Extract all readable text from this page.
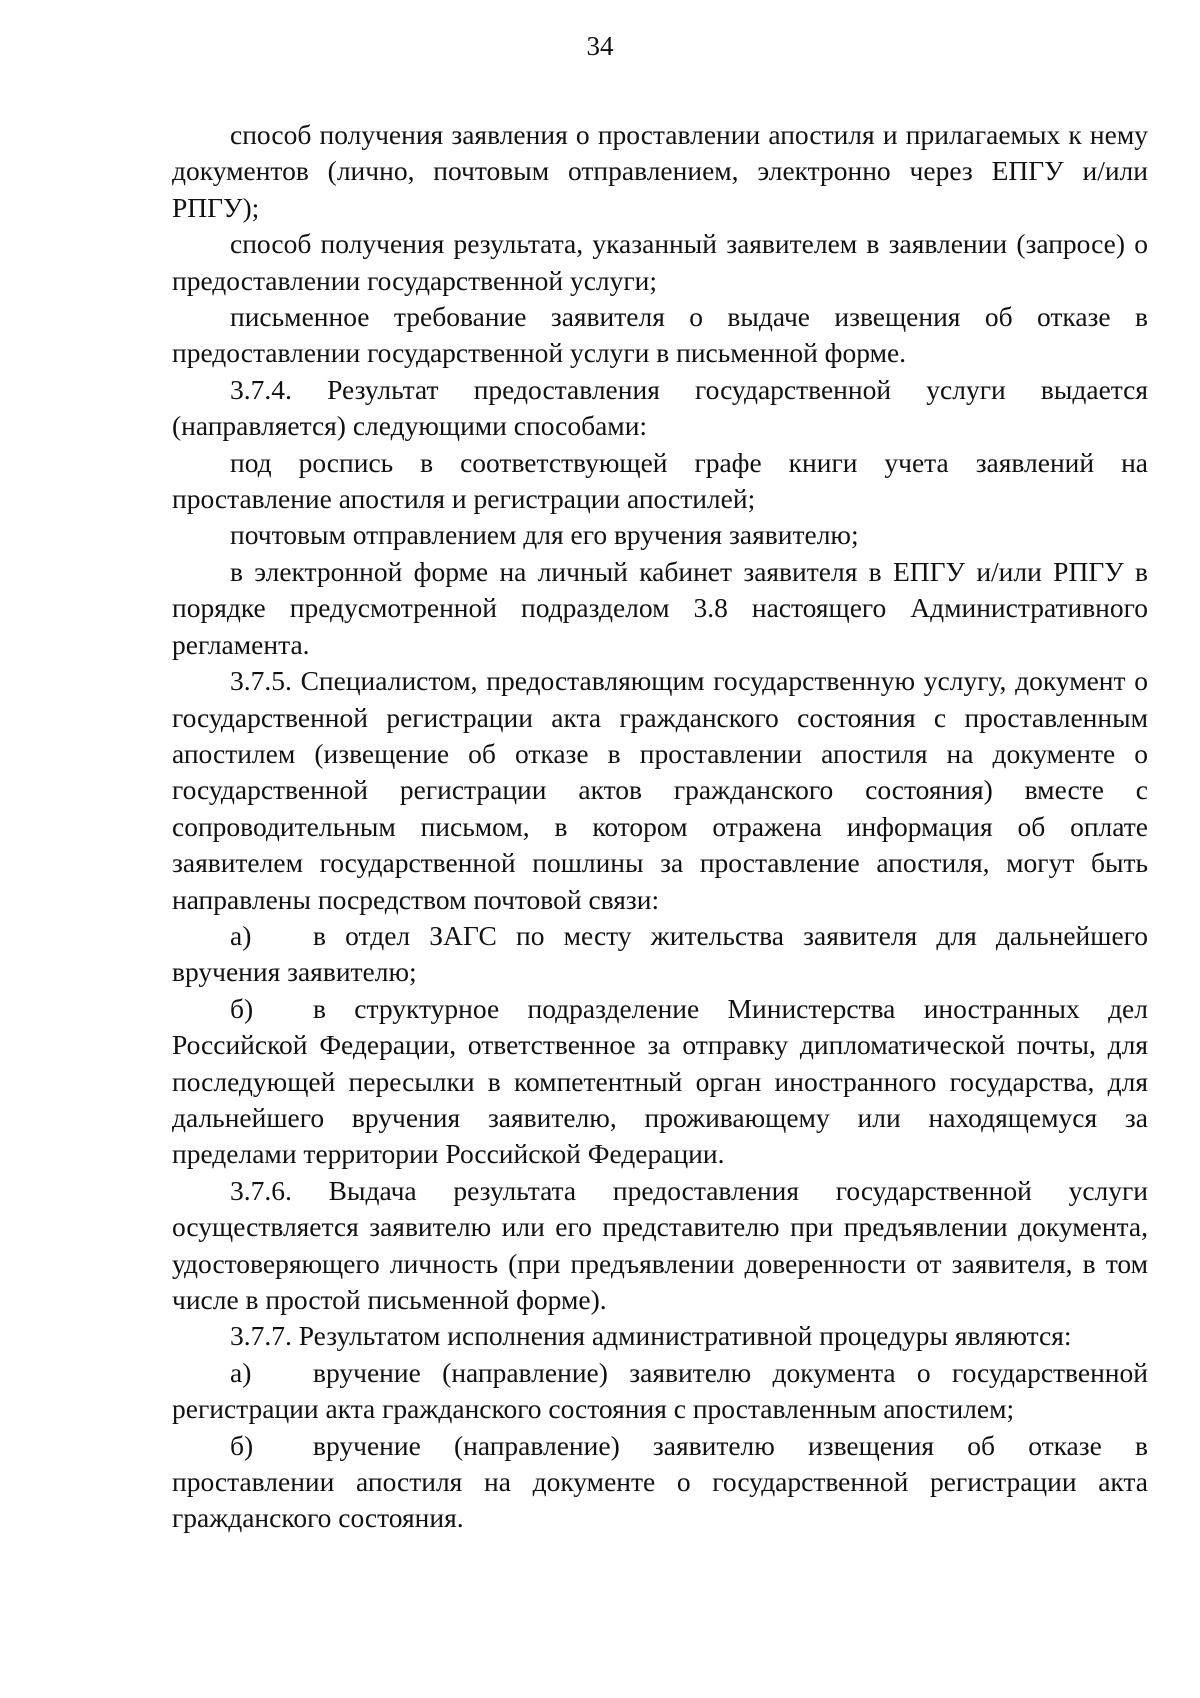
34

способ получения заявления о проставлении апостиля и прилагаемых к нему документов (лично, почтовым отправлением, электронно через ЕПГУ и/или РПГУ);

способ получения результата, указанный заявителем в заявлении (запросе) о предоставлении государственной услуги;

письменное требование заявителя о выдаче извещения об отказе в предоставлении государственной услуги в письменной форме.

3.7.4. Результат предоставления государственной услуги выдается (направляется) следующими способами:

под роспись в соответствующей графе книги учета заявлений на проставление апостиля и регистрации апостилей;

почтовым отправлением для его вручения заявителю;

в электронной форме на личный кабинет заявителя в ЕПГУ и/или РПГУ в порядке предусмотренной подразделом 3.8 настоящего Административного регламента.

3.7.5. Специалистом, предоставляющим государственную услугу, документ о государственной регистрации акта гражданского состояния с проставленным апостилем (извещение об отказе в проставлении апостиля на документе о государственной регистрации актов гражданского состояния) вместе с сопроводительным письмом, в котором отражена информация об оплате заявителем государственной пошлины за проставление апостиля, могут быть направлены посредством почтовой связи:

а) в отдел ЗАГС по месту жительства заявителя для дальнейшего вручения заявителю;

б) в структурное подразделение Министерства иностранных дел Российской Федерации, ответственное за отправку дипломатической почты, для последующей пересылки в компетентный орган иностранного государства, для дальнейшего вручения заявителю, проживающему или находящемуся за пределами территории Российской Федерации.

3.7.6. Выдача результата предоставления государственной услуги осуществляется заявителю или его представителю при предъявлении документа, удостоверяющего личность (при предъявлении доверенности от заявителя, в том числе в простой письменной форме).

3.7.7. Результатом исполнения административной процедуры являются:

а) вручение (направление) заявителю документа о государственной регистрации акта гражданского состояния с проставленным апостилем;

б) вручение (направление) заявителю извещения об отказе в проставлении апостиля на документе о государственной регистрации акта гражданского состояния.
